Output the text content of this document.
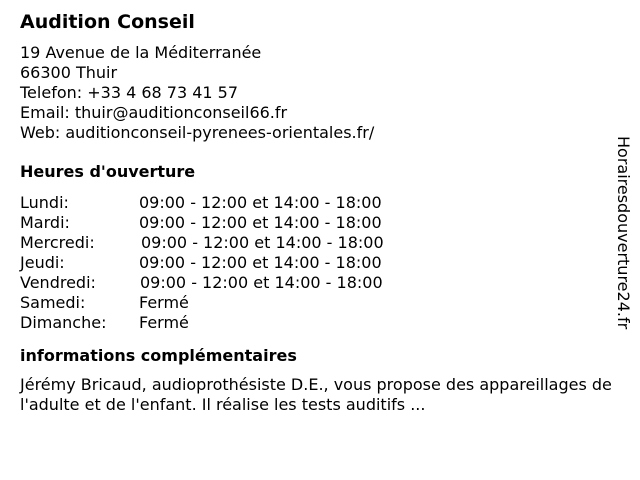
Audition Conseil
19 Avenue de la Méditerranée
66300 Thuir
Telefon: +33 4 68 73 41 57
Email: thuir@auditionconseil66.fr
Web: auditionconseil-pyrenees-orientales.fr/
Heures d'ouverture
Lundi:	09:00 - 12:00 et 14:00 - 18:00
Mardi:	09:00 - 12:00 et 14:00 - 18:00
Mercredi:	09:00 - 12:00 et 14:00 - 18:00
Jeudi:	09:00 - 12:00 et 14:00 - 18:00
Vendredi:	09:00 - 12:00 et 14:00 - 18:00
Samedi:	Fermé
Dimanche: Fermé
informations complémentaires
Jérémy Bricaud, audioprothésiste D.E., vous propose des appareillages de l'adulte et de l'enfant. Il réalise les tests auditifs ...
Horairesdouverture24.fr
